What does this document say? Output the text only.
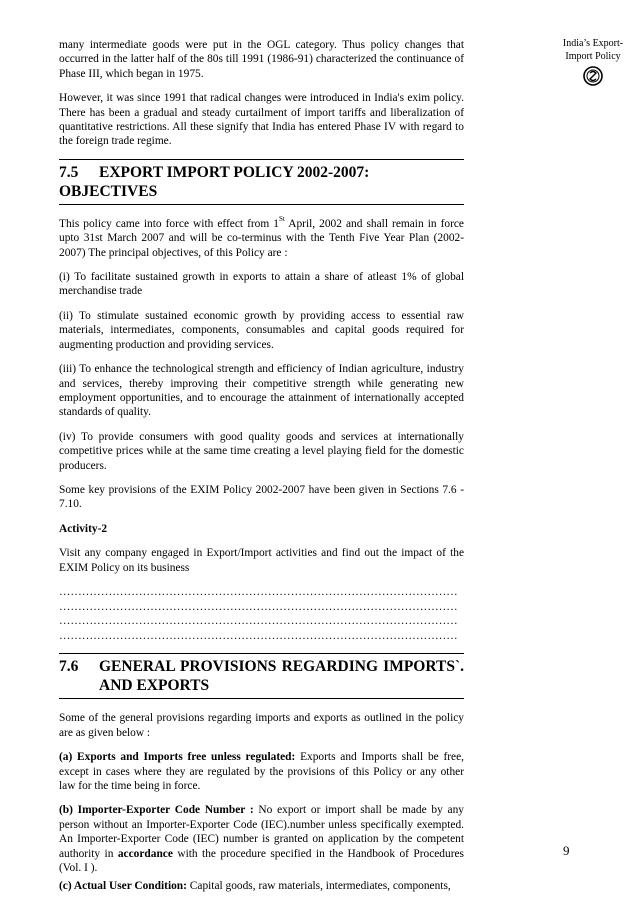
India’s Export-
Import Policy

many intermediate goods were put in the OGL category. Thus policy changes that occurred in the latter half of the 80s till 1991 (1986-91) characterized the continuance of Phase III, which began in 1975.

However, it was since 1991 that radical changes were introduced in India's exim policy. There has been a gradual and steady curtailment of import tariffs and liberalization of quantitative restrictions. All these signify that India has entered Phase IV with regard to the foreign trade regime.

7.5 EXPORT IMPORT POLICY 2002-2007: OBJECTIVES

This policy came into force with effect from 1St April, 2002 and shall remain in force upto 31st March 2007 and will be co-terminus with the Tenth Five Year Plan (2002-2007) The principal objectives, of this Policy are :

(i) To facilitate sustained growth in exports to attain a share of atleast 1% of global merchandise trade

(ii) To stimulate sustained economic growth by providing access to essential raw materials, intermediates, components, consumables and capital goods required for augmenting production and providing services.

(iii) To enhance the technological strength and efficiency of Indian agriculture, industry and services, thereby improving their competitive strength while generating new employment opportunities, and to encourage the attainment of internationally accepted standards of quality.

(iv) To provide consumers with good quality goods and services at internationally competitive prices while at the same time creating a level playing field for the domestic producers.

Some key provisions of the EXIM Policy 2002-2007 have been given in Sections 7.6 - 7.10.

Activity-2

Visit any company engaged in Export/Import activities and find out the impact of the EXIM Policy on its business

……………………………………………………………………………………………
……………………………………………………………………………………………
……………………………………………………………………………………………
……………………………………………………………………………………………
7.6	GENERAL PROVISIONS REGARDING IMPORTS`.
AND EXPORTS

Some of the general provisions regarding imports and exports as outlined in the policy are as given below :

(a) Exports and Imports free unless regulated: Exports and Imports shall be free, except in cases where they are regulated by the provisions of this Policy or any other law for the time being in force.

(b) Importer-Exporter Code Number : No export or import shall be made by any person without an Importer-Exporter Code (IEC).number unless specifically exempted. An Importer-Exporter Code (IEC) number is granted on application by the competent authority in accordance with the procedure specified in the Handbook of Procedures (Vol. I ).

(c) Actual User Condition: Capital goods, raw materials, intermediates, components,

9
